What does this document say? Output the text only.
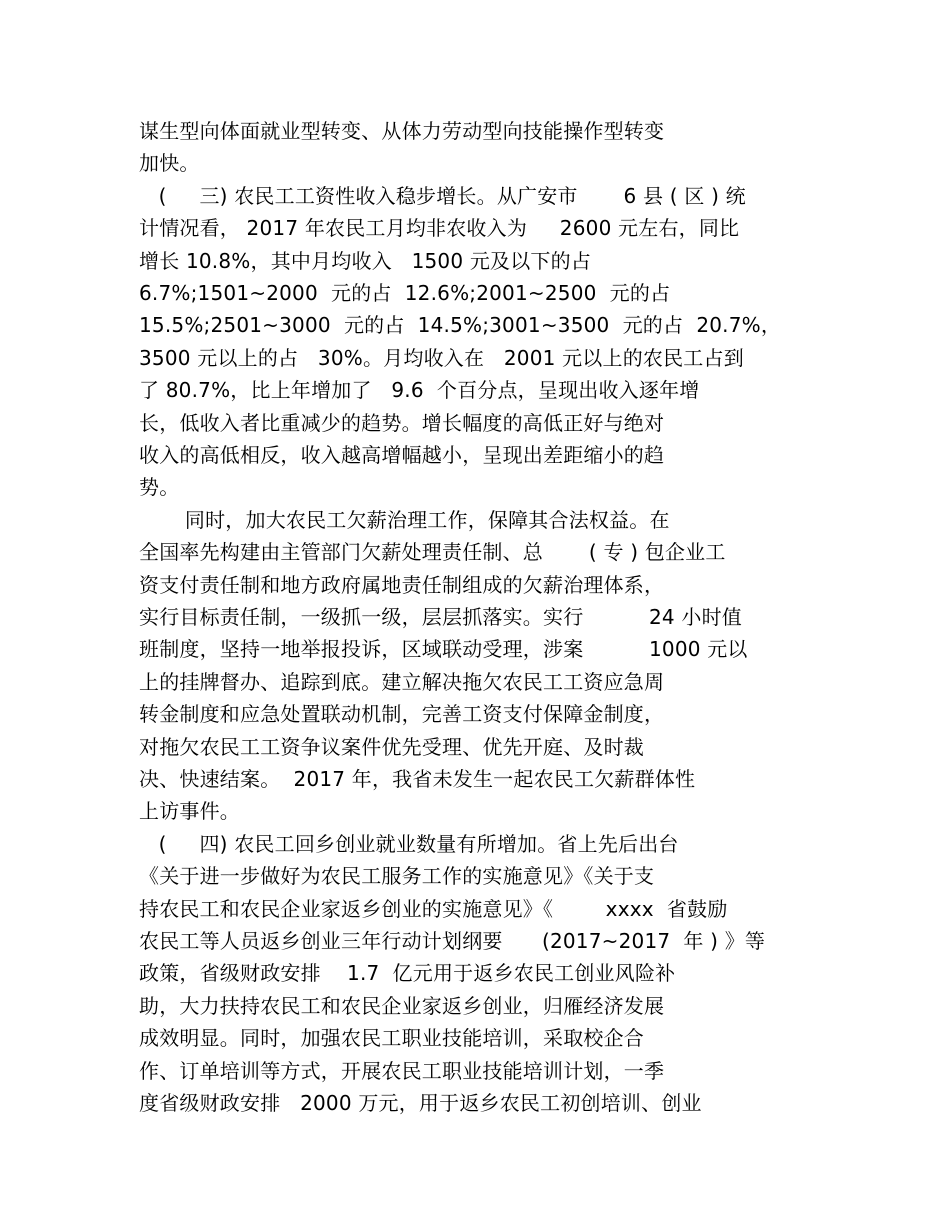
谋生型向体面就业型转变、从体力劳动型向技能操作型转变
加快。
(     三) 农民工工资性收入稳步增长。从广安市       6 县 ( 区 ) 统
计情况看， 2017 年农民工月均非农收入为     2600 元左右，同比
增长 10.8%，其中月均收入   1500 元及以下的占
6.7%;1501~2000  元的占  12.6%;2001~2500  元的占
15.5%;2501~3000  元的占  14.5%;3001~3500  元的占  20.7%，
3500 元以上的占   30%。月均收入在   2001 元以上的农民工占到
了 80.7%，比上年增加了   9.6  个百分点，呈现出收入逐年增
长，低收入者比重减少的趋势。增长幅度的高低正好与绝对
收入的高低相反，收入越高增幅越小，呈现出差距缩小的趋
势。
同时，加大农民工欠薪治理工作，保障其合法权益。在
全国率先构建由主管部门欠薪处理责任制、总       ( 专 ) 包企业工
资支付责任制和地方政府属地责任制组成的欠薪治理体系，
实行目标责任制，一级抓一级，层层抓落实。实行          24 小时值
班制度，坚持一地举报投诉，区域联动受理，涉案          1000 元以
上的挂牌督办、追踪到底。建立解决拖欠农民工工资应急周
转金制度和应急处置联动机制，完善工资支付保障金制度，
对拖欠农民工工资争议案件优先受理、优先开庭、及时裁
决、快速结案。  2017 年，我省未发生一起农民工欠薪群体性
上访事件。
(     四) 农民工回乡创业就业数量有所增加。省上先后出台
《关于进一步做好为农民工服务工作的实施意见》《关于支
持农民工和农民企业家返乡创业的实施意见》《        xxxx  省鼓励
农民工等人员返乡创业三年行动计划纲要      (2017~2017  年 ) 》等
政策，省级财政安排    1.7  亿元用于返乡农民工创业风险补
助，大力扶持农民工和农民企业家返乡创业，归雁经济发展
成效明显。同时，加强农民工职业技能培训，采取校企合
作、订单培训等方式，开展农民工职业技能培训计划，一季
度省级财政安排   2000 万元，用于返乡农民工初创培训、创业
